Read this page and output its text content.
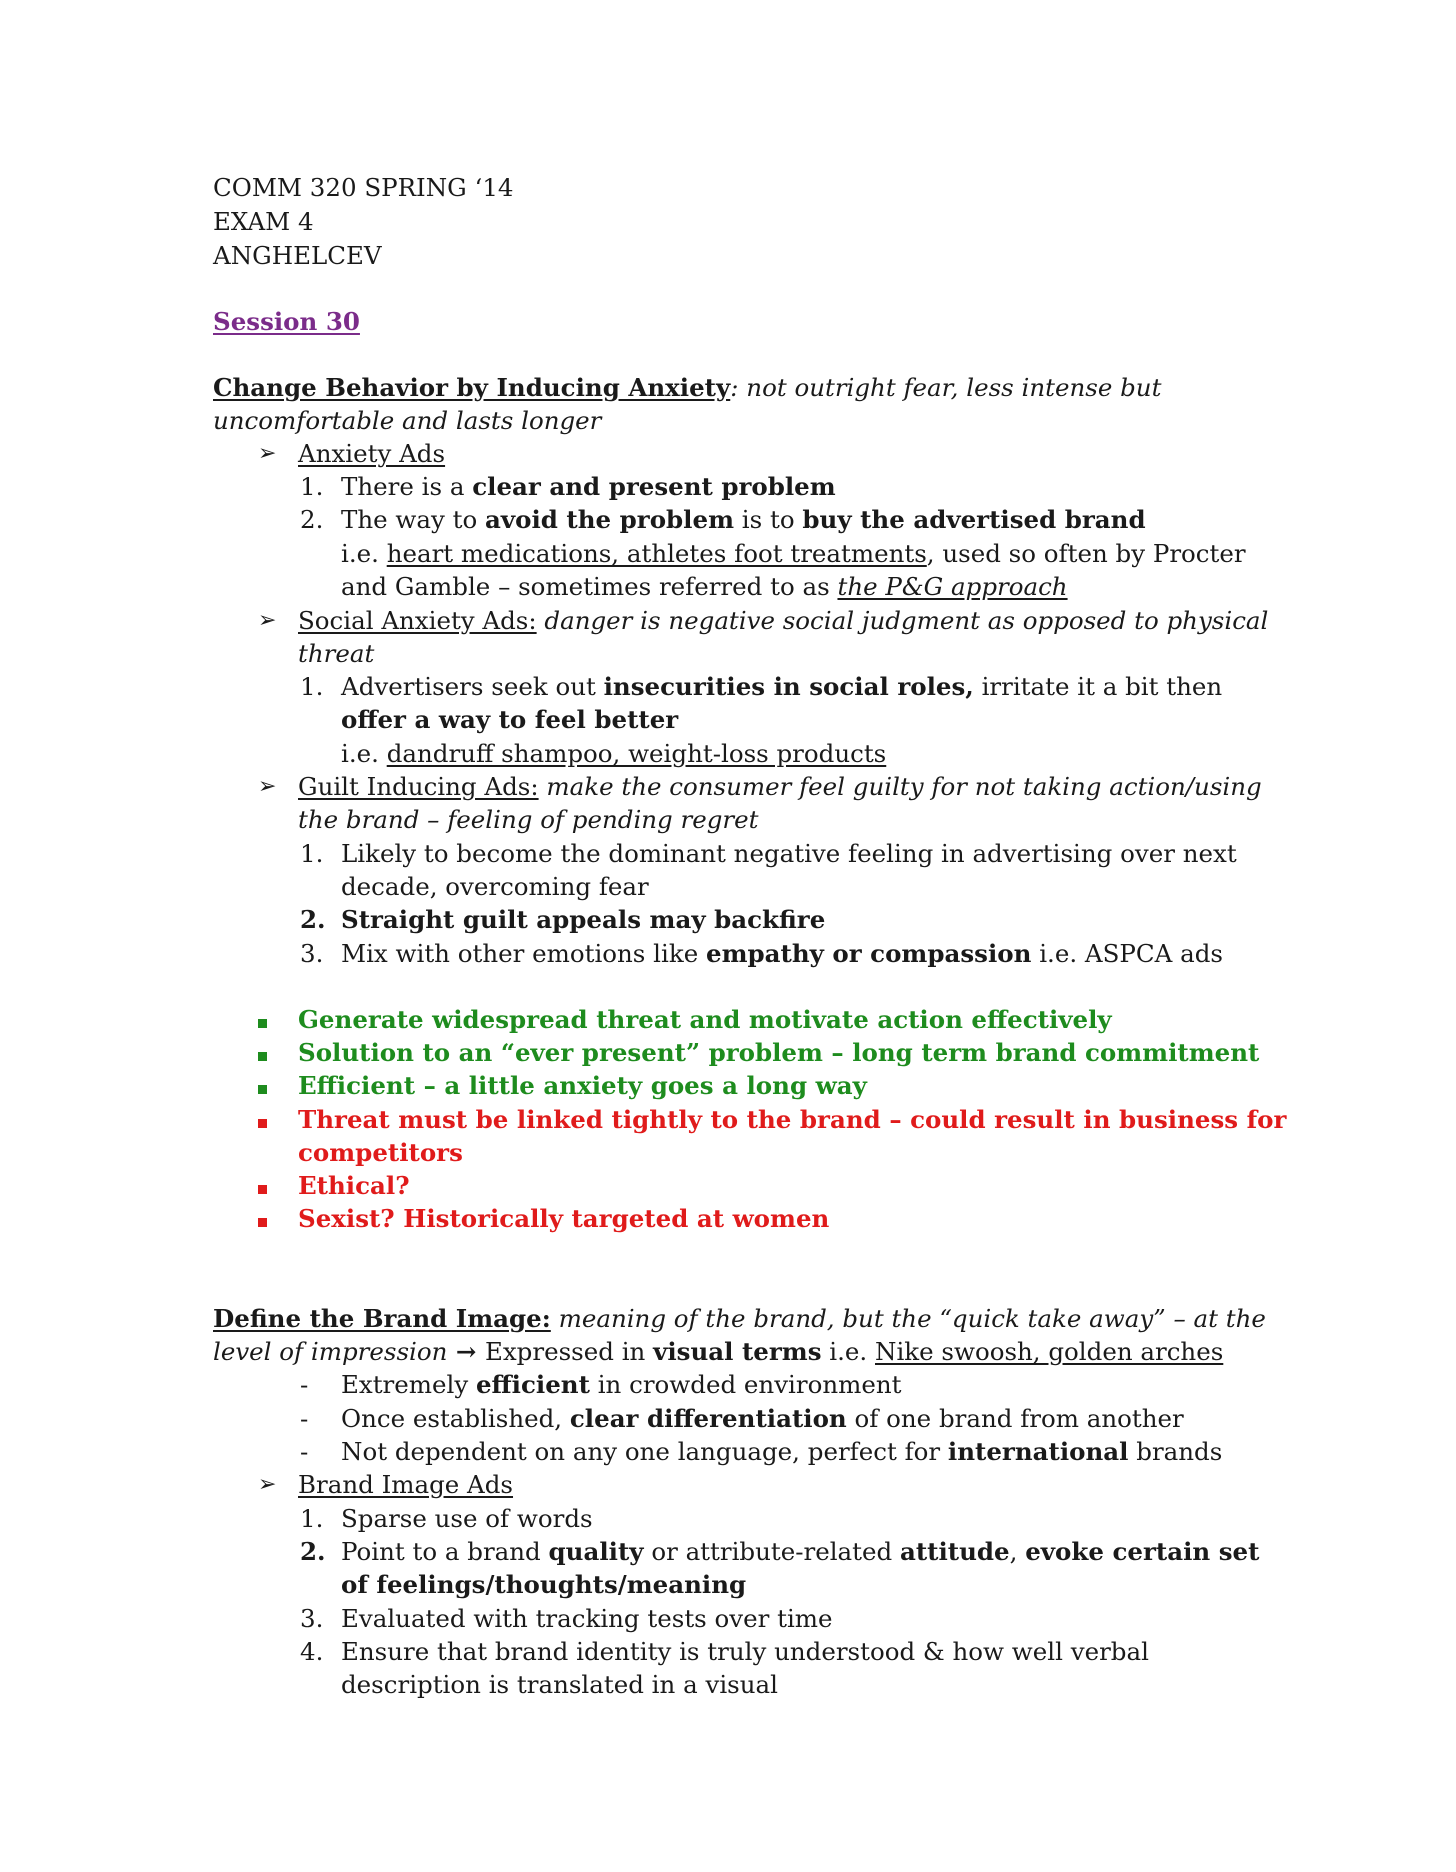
COMM 320 SPRING ‘14
EXAM 4
ANGHELCEV
Session 30
Change Behavior by Inducing Anxiety: not outright fear, less intense but
uncomfortable and lasts longer
➢ Anxiety Ads
1. There is a clear and present problem
2. The way to avoid the problem is to buy the advertised brand
i.e. heart medications, athletes foot treatments, used so often by Procter
and Gamble – sometimes referred to as the P&G approach
➢ Social Anxiety Ads: danger is negative social judgment as opposed to physical
threat
1. Advertisers seek out insecurities in social roles, irritate it a bit then
offer a way to feel better
i.e. dandruff shampoo, weight-loss products
➢ Guilt Inducing Ads: make the consumer feel guilty for not taking action/using
the brand – feeling of pending regret
1. Likely to become the dominant negative feeling in advertising over next
decade, overcoming fear
2. Straight guilt appeals may backfire
3. Mix with other emotions like empathy or compassion i.e. ASPCA ads
Generate widespread threat and motivate action effectively
Solution to an “ever present” problem – long term brand commitment
Efficient – a little anxiety goes a long way
Threat must be linked tightly to the brand – could result in business for
competitors
Ethical?
Sexist? Historically targeted at women
Define the Brand Image: meaning of the brand, but the “quick take away” – at the
level of impression → Expressed in visual terms i.e. Nike swoosh, golden arches
- Extremely efficient in crowded environment
- Once established, clear differentiation of one brand from another
- Not dependent on any one language, perfect for international brands
➢ Brand Image Ads
1. Sparse use of words
2. Point to a brand quality or attribute-related attitude, evoke certain set
of feelings/thoughts/meaning
3. Evaluated with tracking tests over time
4. Ensure that brand identity is truly understood & how well verbal
description is translated in a visual
